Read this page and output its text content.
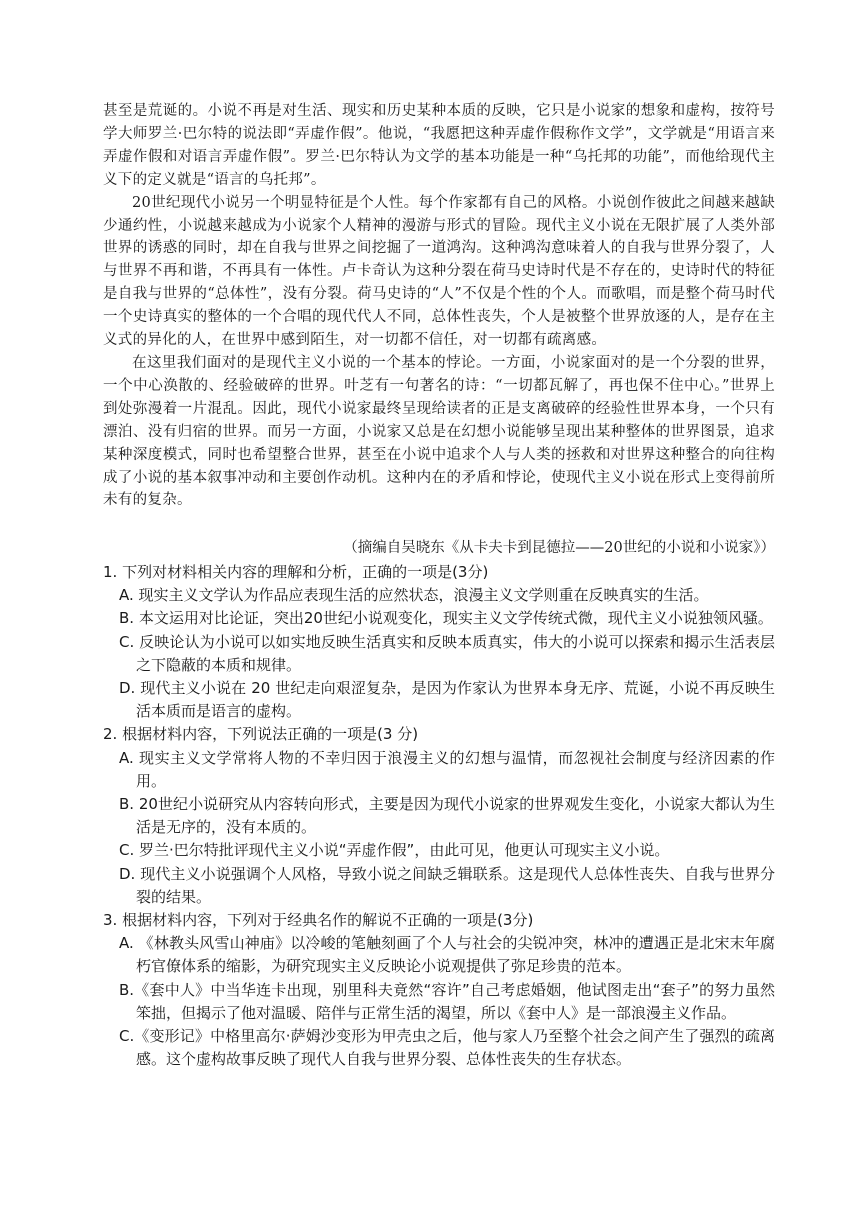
甚至是荒诞的。小说不再是对生活、现实和历史某种本质的反映，它只是小说家的想象和虚构，按符号学大师罗兰·巴尔特的说法即“弄虚作假”。他说，“我愿把这种弄虚作假称作文学”，文学就是“用语言来弄虚作假和对语言弄虚作假”。罗兰·巴尔特认为文学的基本功能是一种“乌托邦的功能”，而他给现代主义下的定义就是“语言的乌托邦”。

20世纪现代小说另一个明显特征是个人性。每个作家都有自己的风格。小说创作彼此之间越来越缺少通约性，小说越来越成为小说家个人精神的漫游与形式的冒险。现代主义小说在无限扩展了人类外部世界的诱惑的同时，却在自我与世界之间挖掘了一道鸿沟。这种鸿沟意味着人的自我与世界分裂了，人与世界不再和谐，不再具有一体性。卢卡奇认为这种分裂在荷马史诗时代是不存在的，史诗时代的特征是自我与世界的“总体性”，没有分裂。荷马史诗的“人”不仅是个性的个人。而歌唱，而是整个荷马时代一个史诗真实的整体的一个合唱的现代代人不同，总体性丧失，个人是被整个世界放逐的人，是存在主义式的异化的人，在世界中感到陌生，对一切都不信任，对一切都有疏离感。

在这里我们面对的是现代主义小说的一个基本的悖论。一方面，小说家面对的是一个分裂的世界，一个中心涣散的、经验破碎的世界。叶芝有一句著名的诗：“一切都瓦解了，再也保不住中心。”世界上到处弥漫着一片混乱。因此，现代小说家最终呈现给读者的正是支离破碎的经验性世界本身，一个只有漂泊、没有归宿的世界。而另一方面，小说家又总是在幻想小说能够呈现出某种整体的世界图景，追求某种深度模式，同时也希望整合世界，甚至在小说中追求个人与人类的拯救和对世界这种整合的向往构成了小说的基本叙事冲动和主要创作动机。这种内在的矛盾和悖论，使现代主义小说在形式上变得前所未有的复杂。

（摘编自吴晓东《从卡夫卡到昆德拉——20世纪的小说和小说家》）

1. 下列对材料相关内容的理解和分析，正确的一项是(3分)

A. 现实主义文学认为作品应表现生活的应然状态，浪漫主义文学则重在反映真实的生活。

B. 本文运用对比论证，突出20世纪小说观变化，现实主义文学传统式微，现代主义小说独领风骚。

C. 反映论认为小说可以如实地反映生活真实和反映本质真实，伟大的小说可以探索和揭示生活表层之下隐蔽的本质和规律。

D. 现代主义小说在 20 世纪走向艰涩复杂，是因为作家认为世界本身无序、荒诞，小说不再反映生活本质而是语言的虚构。

2. 根据材料内容，下列说法正确的一项是(3 分)

A. 现实主义文学常将人物的不幸归因于浪漫主义的幻想与温情，而忽视社会制度与经济因素的作用。

B. 20世纪小说研究从内容转向形式，主要是因为现代小说家的世界观发生变化，小说家大都认为生活是无序的，没有本质的。

C. 罗兰·巴尔特批评现代主义小说“弄虚作假”，由此可见，他更认可现实主义小说。

D. 现代主义小说强调个人风格，导致小说之间缺乏辑联系。这是现代人总体性丧失、自我与世界分裂的结果。

3. 根据材料内容，下列对于经典名作的解说不正确的一项是(3分)

A. 《林教头风雪山神庙》以冷峻的笔触刻画了个人与社会的尖锐冲突，林冲的遭遇正是北宋末年腐朽官僚体系的缩影，为研究现实主义反映论小说观提供了弥足珍贵的范本。

B.《套中人》中当华连卡出现，别里科夫竟然“容许”自己考虑婚姻，他试图走出“套子”的努力虽然笨拙，但揭示了他对温暖、陪伴与正常生活的渴望，所以《套中人》是一部浪漫主义作品。

C.《变形记》中格里高尔·萨姆沙变形为甲壳虫之后，他与家人乃至整个社会之间产生了强烈的疏离感。这个虚构故事反映了现代人自我与世界分裂、总体性丧失的生存状态。
